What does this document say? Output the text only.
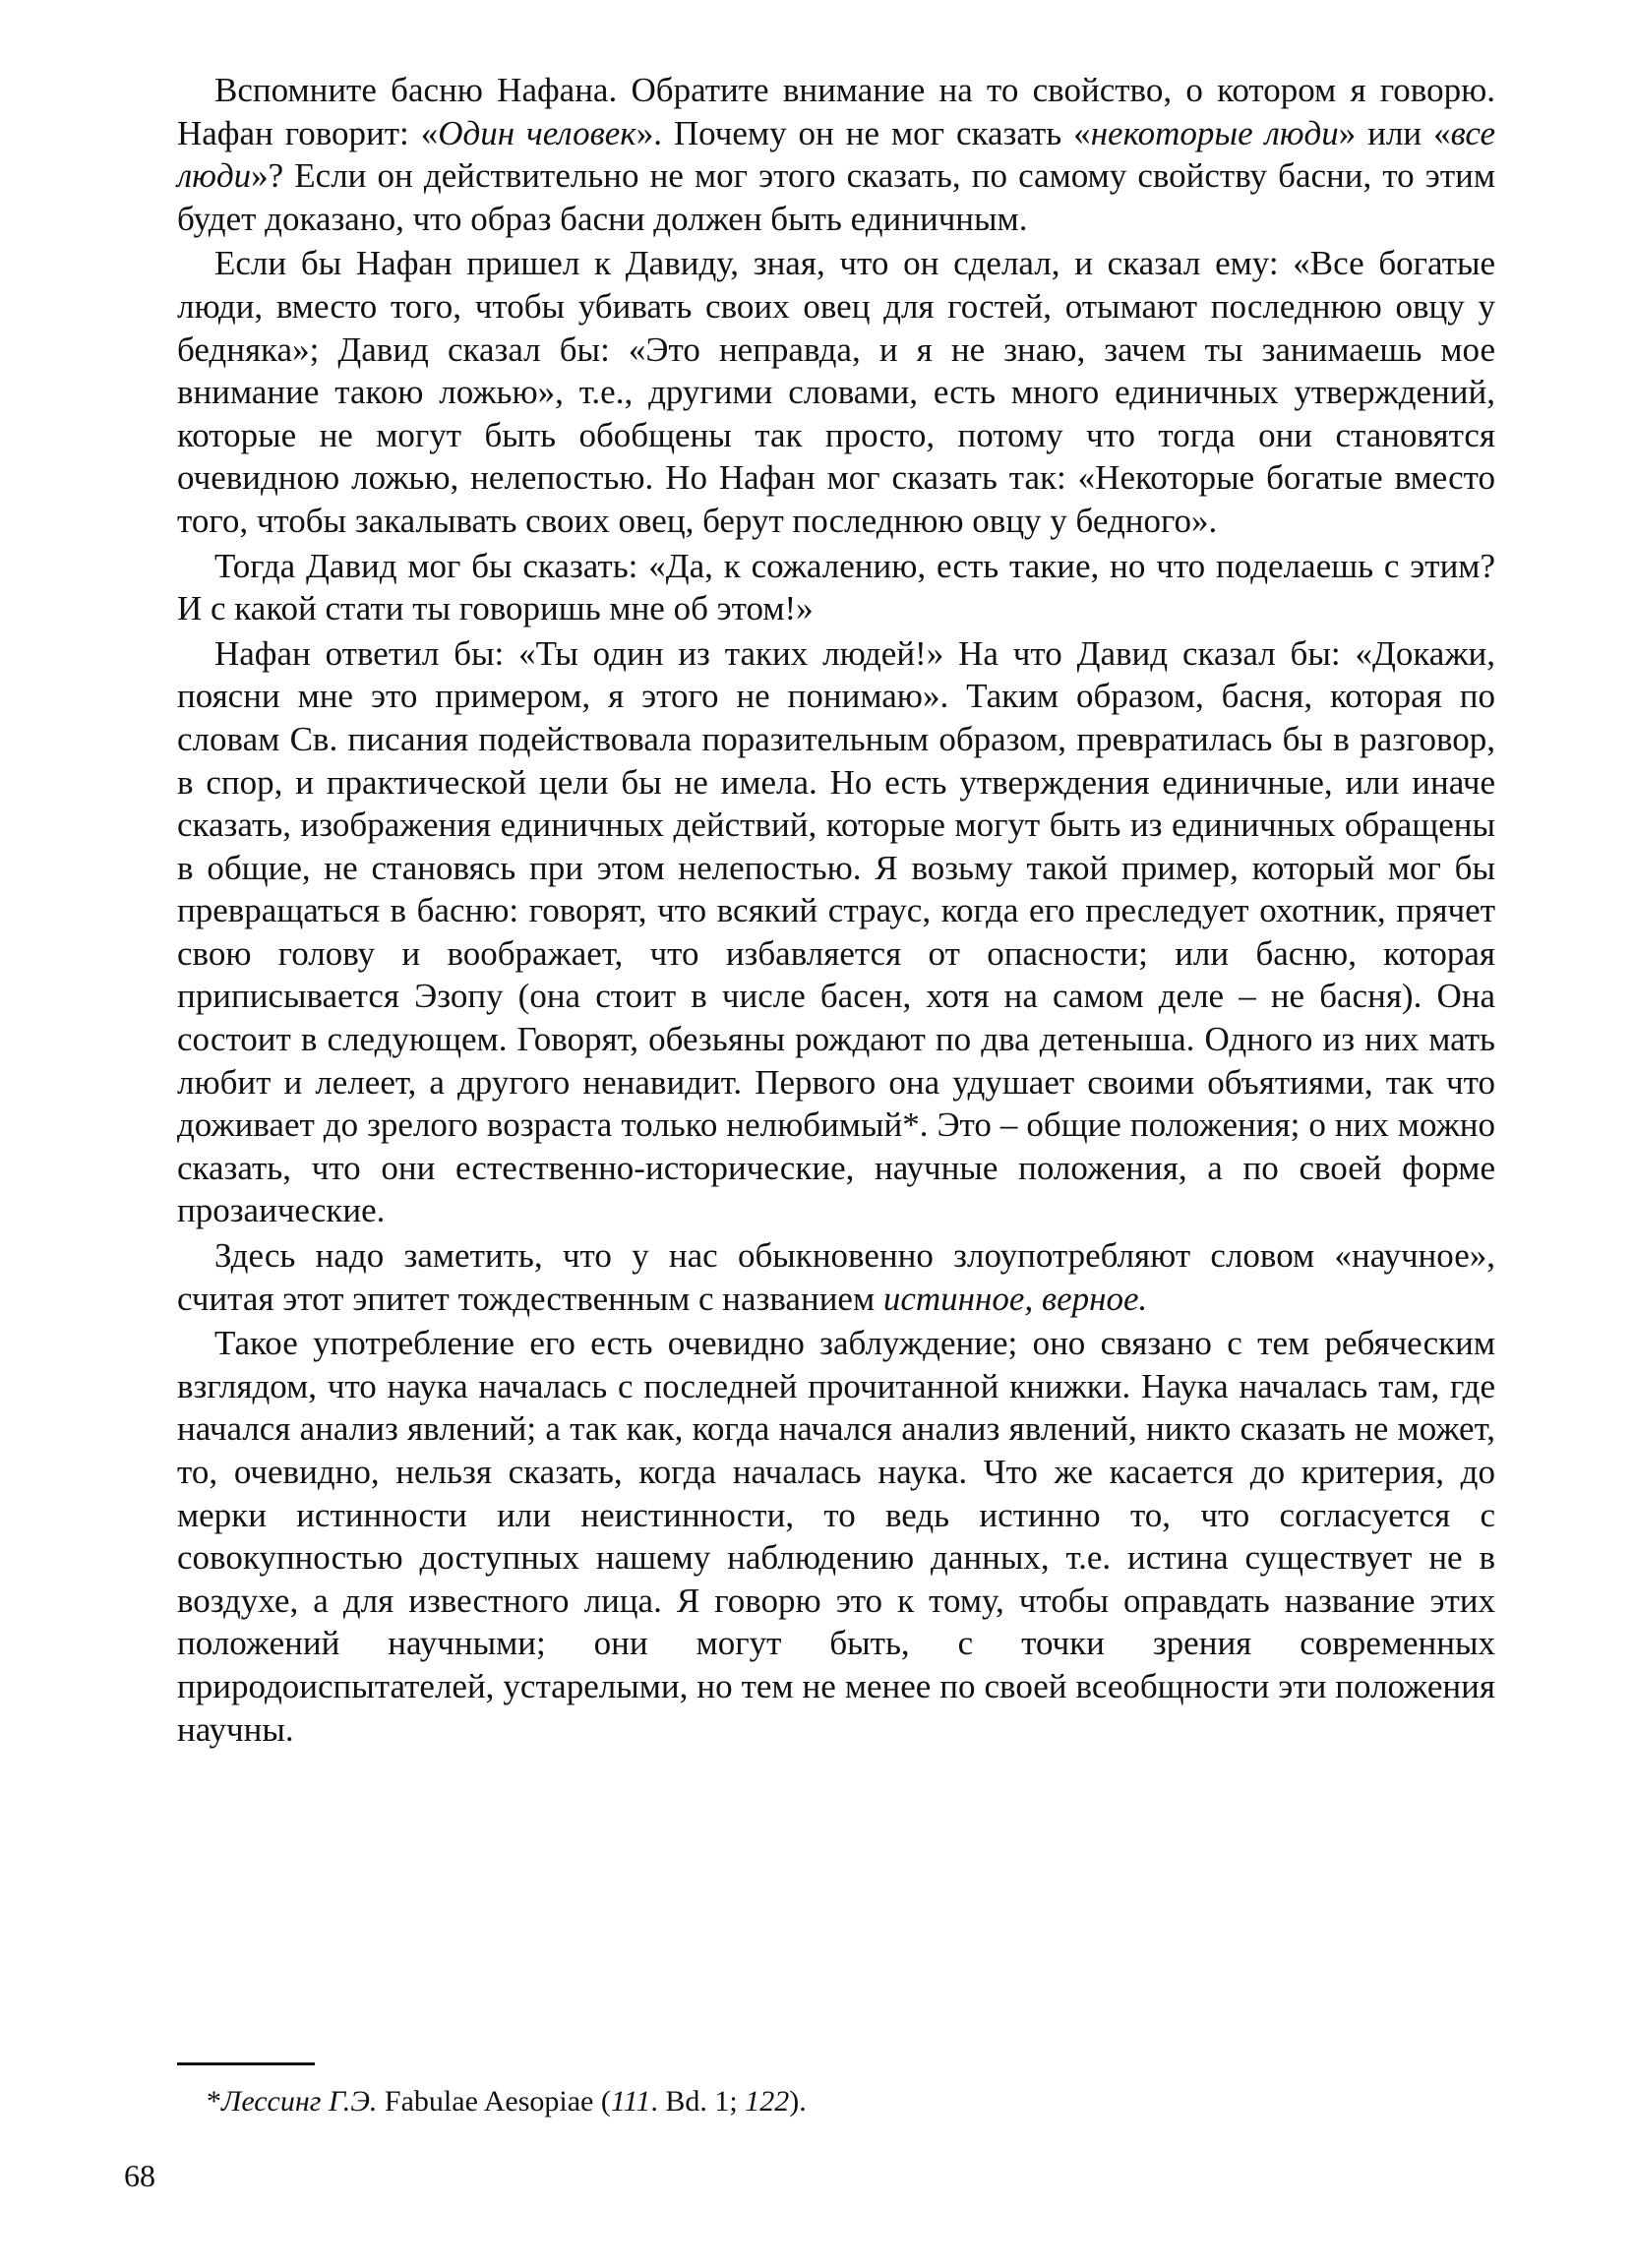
Вспомните басню Нафана. Обратите внимание на то свойство, о котором я говорю. Нафан говорит: «Один человек». Почему он не мог сказать «некоторые люди» или «все люди»? Если он действительно не мог этого сказать, по самому свойству басни, то этим будет доказано, что образ басни должен быть единичным.

Если бы Нафан пришел к Давиду, зная, что он сделал, и сказал ему: «Все богатые люди, вместо того, чтобы убивать своих овец для гостей, отымают последнюю овцу у бедняка»; Давид сказал бы: «Это неправда, и я не знаю, зачем ты занимаешь мое внимание такою ложью», т.е., другими словами, есть много единичных утверждений, которые не могут быть обобщены так просто, потому что тогда они становятся очевидною ложью, нелепостью. Но Нафан мог сказать так: «Некоторые богатые вместо того, чтобы закалывать своих овец, берут последнюю овцу у бедного».

Тогда Давид мог бы сказать: «Да, к сожалению, есть такие, но что поделаешь с этим? И с какой стати ты говоришь мне об этом!»

Нафан ответил бы: «Ты один из таких людей!» На что Давид сказал бы: «Докажи, поясни мне это примером, я этого не понимаю». Таким образом, басня, которая по словам Св. писания подействовала поразительным образом, превратилась бы в разговор, в спор, и практической цели бы не имела. Но есть утверждения единичные, или иначе сказать, изображения единичных действий, которые могут быть из единичных обращены в общие, не становясь при этом нелепостью. Я возьму такой пример, который мог бы превращаться в басню: говорят, что всякий страус, когда его преследует охотник, прячет свою голову и воображает, что избавляется от опасности; или басню, которая приписывается Эзопу (она стоит в числе басен, хотя на самом деле – не басня). Она состоит в следующем. Говорят, обезьяны рождают по два детеныша. Одного из них мать любит и лелеет, а другого ненавидит. Первого она удушает своими объятиями, так что доживает до зрелого возраста только нелюбимый*. Это – общие положения; о них можно сказать, что они естественно-исторические, научные положения, а по своей форме прозаические.

Здесь надо заметить, что у нас обыкновенно злоупотребляют словом «научное», считая этот эпитет тождественным с названием истинное, верное.

Такое употребление его есть очевидно заблуждение; оно связано с тем ребяческим взглядом, что наука началась с последней прочитанной книжки. Наука началась там, где начался анализ явлений; а так как, когда начался анализ явлений, никто сказать не может, то, очевидно, нельзя сказать, когда началась наука. Что же касается до критерия, до мерки истинности или неистинности, то ведь истинно то, что согласуется с совокупностью доступных нашему наблюдению данных, т.е. истина существует не в воздухе, а для известного лица. Я говорю это к тому, чтобы оправдать название этих положений научными; они могут быть, с точки зрения современных природоиспытателей, устарелыми, но тем не менее по своей всеобщности эти положения научны.

*Лессинг Г.Э. Fabulae Aesopiae (111. Bd. 1; 122).

68
